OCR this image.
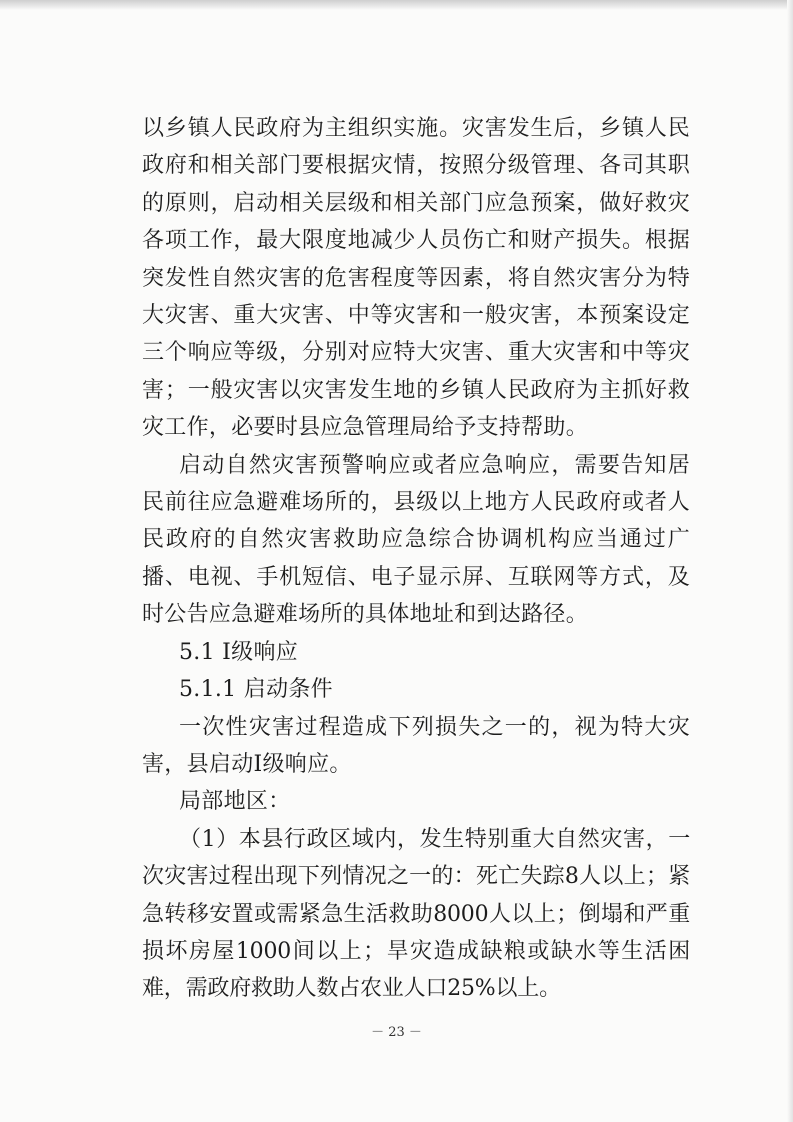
以乡镇人民政府为主组织实施。灾害发生后，乡镇人民政府和相关部门要根据灾情，按照分级管理、各司其职的原则，启动相关层级和相关部门应急预案，做好救灾各项工作，最大限度地减少人员伤亡和财产损失。根据突发性自然灾害的危害程度等因素，将自然灾害分为特大灾害、重大灾害、中等灾害和一般灾害，本预案设定三个响应等级，分别对应特大灾害、重大灾害和中等灾害；一般灾害以灾害发生地的乡镇人民政府为主抓好救灾工作，必要时县应急管理局给予支持帮助。

启动自然灾害预警响应或者应急响应，需要告知居民前往应急避难场所的，县级以上地方人民政府或者人民政府的自然灾害救助应急综合协调机构应当通过广播、电视、手机短信、电子显示屏、互联网等方式，及时公告应急避难场所的具体地址和到达路径。

5.1 Ⅰ级响应

5.1.1 启动条件

一次性灾害过程造成下列损失之一的，视为特大灾害，县启动Ⅰ级响应。

局部地区：

（1）本县行政区域内，发生特别重大自然灾害，一次灾害过程出现下列情况之一的：死亡失踪8人以上；紧急转移安置或需紧急生活救助8000人以上；倒塌和严重损坏房屋1000间以上；旱灾造成缺粮或缺水等生活困难，需政府救助人数占农业人口25%以上。

－ 23 －
